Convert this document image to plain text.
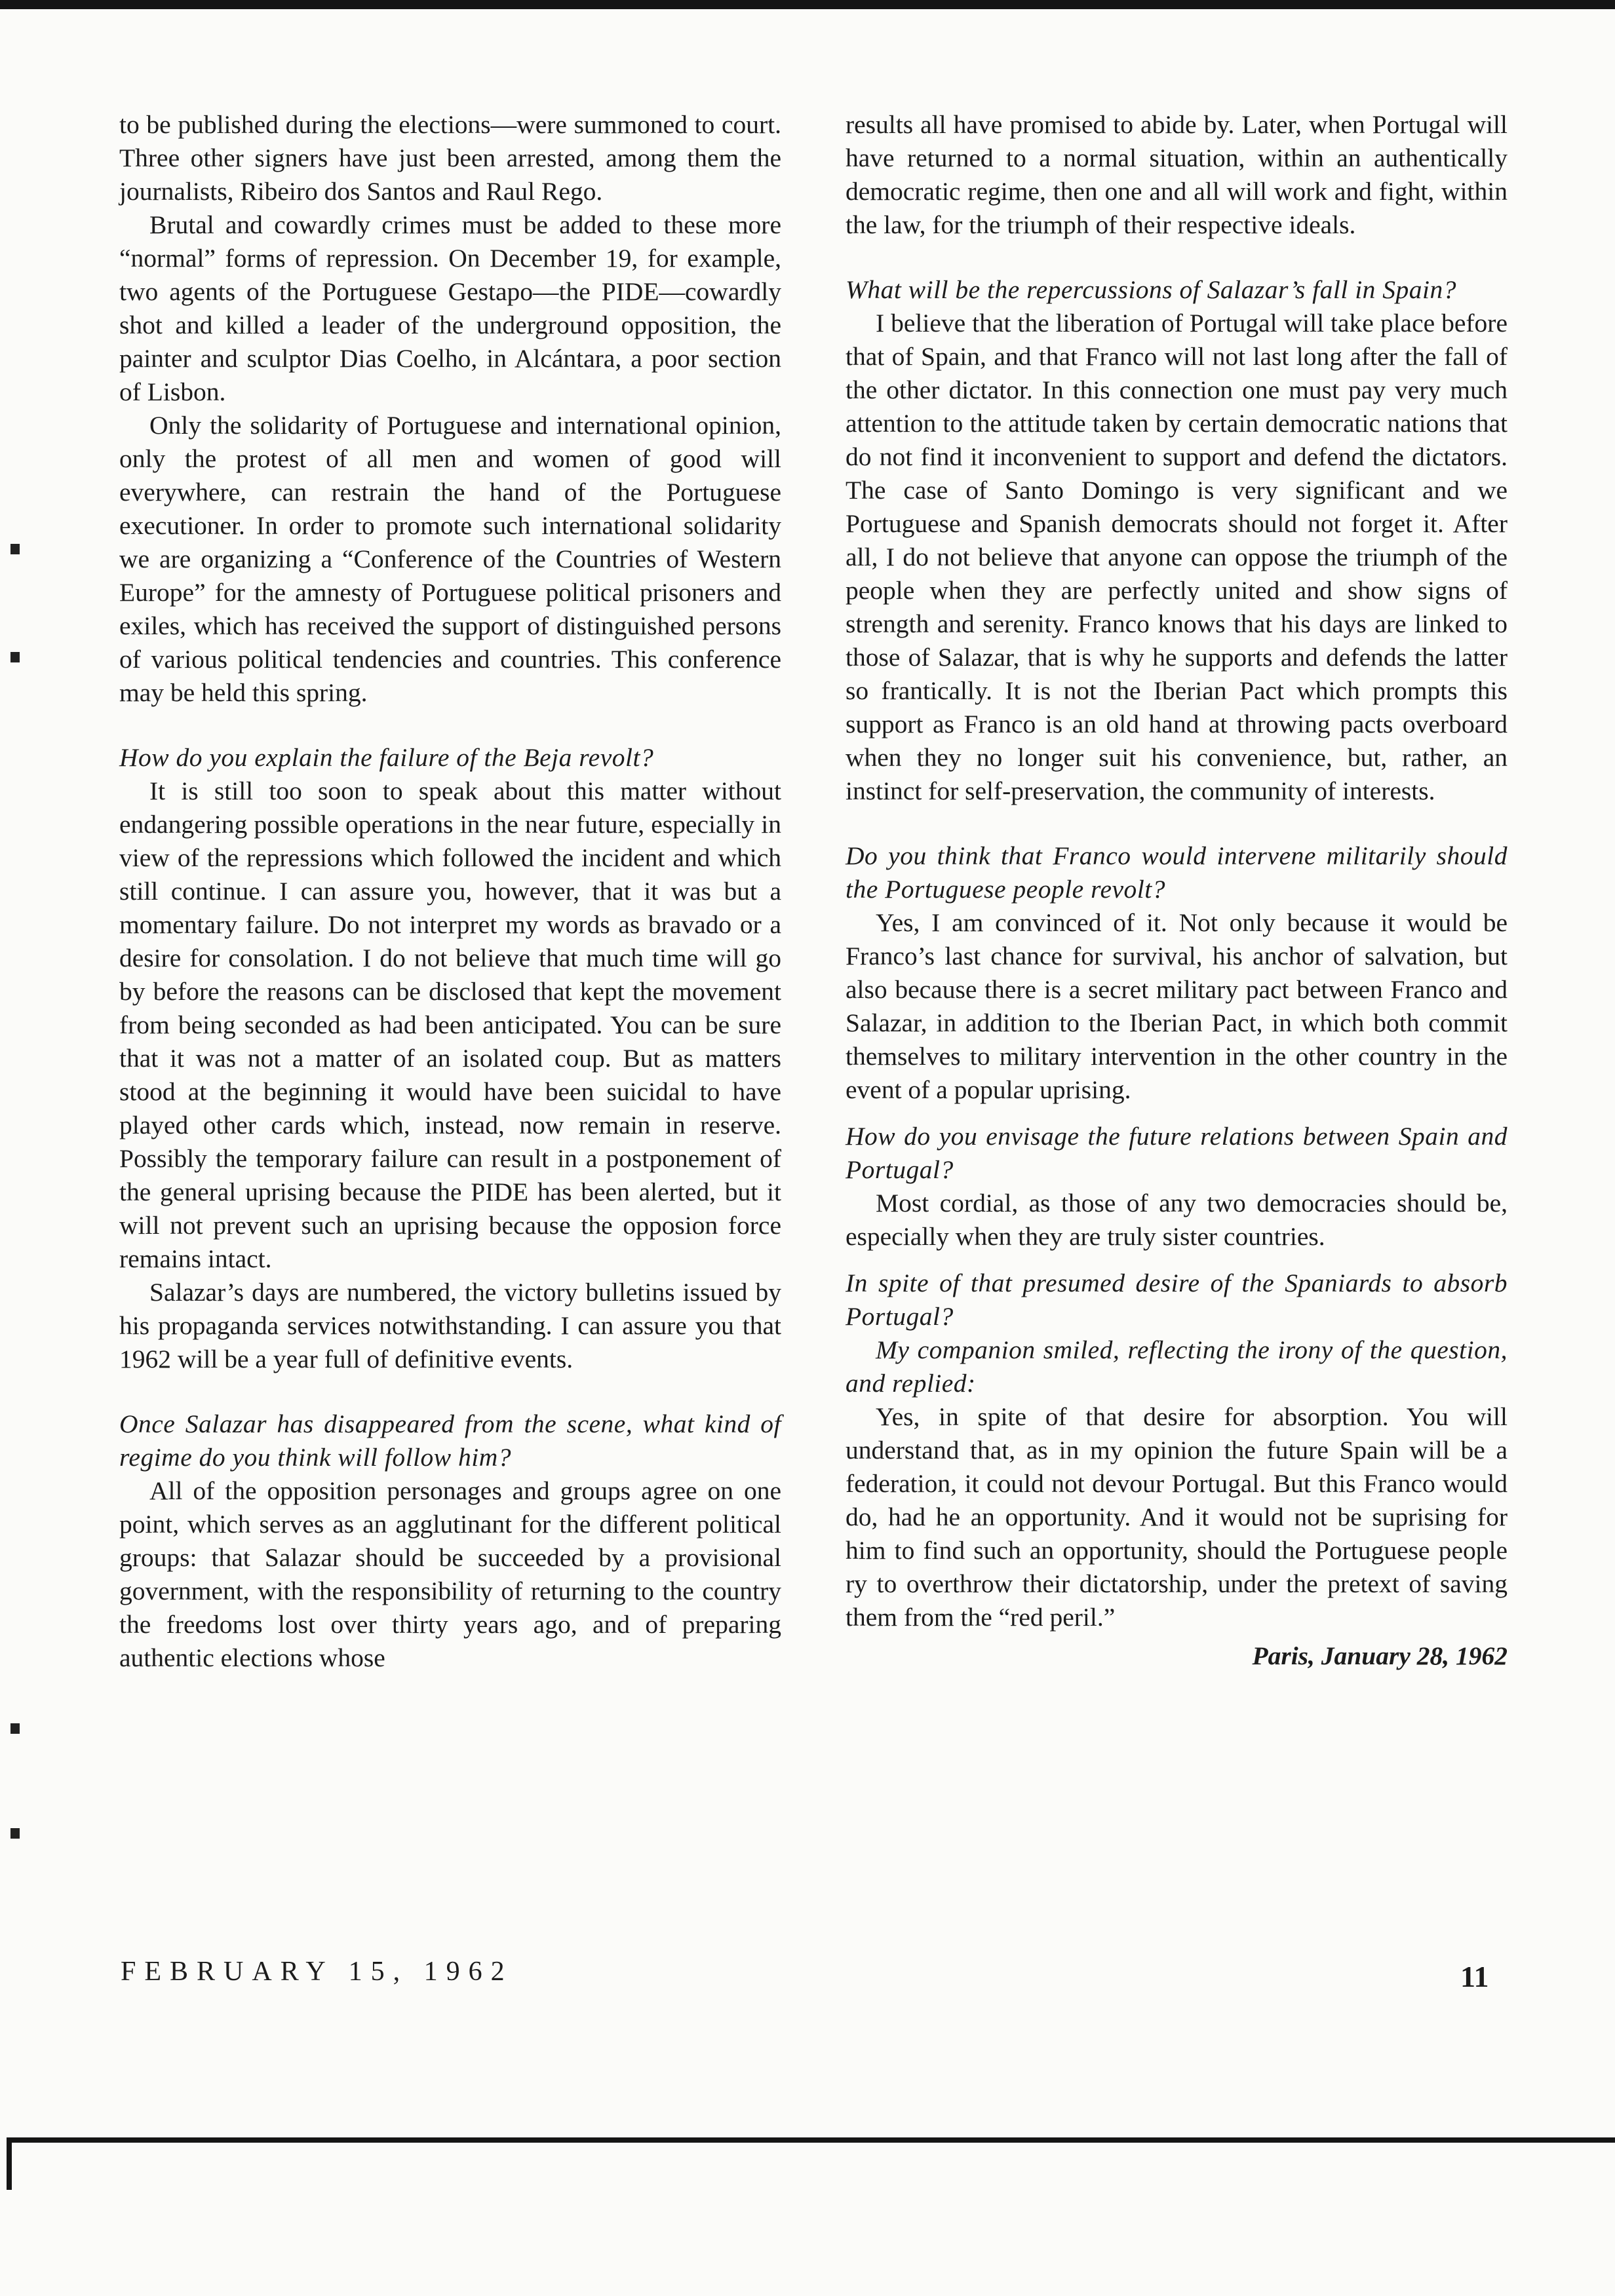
to be published during the elections—were summoned to court. Three other signers have just been arrested, among them the journalists, Ribeiro dos Santos and Raul Rego.

Brutal and cowardly crimes must be added to these more “normal” forms of repression. On December 19, for example, two agents of the Portuguese Gestapo—the PIDE—cowardly shot and killed a leader of the underground opposition, the painter and sculptor Dias Coelho, in Alcántara, a poor section of Lisbon.

Only the solidarity of Portuguese and international opinion, only the protest of all men and women of good will everywhere, can restrain the hand of the Portuguese executioner. In order to promote such international solidarity we are organizing a “Conference of the Countries of Western Europe” for the amnesty of Portuguese political prisoners and exiles, which has received the support of distinguished persons of various political tendencies and countries. This conference may be held this spring.

How do you explain the failure of the Beja revolt?

It is still too soon to speak about this matter without endangering possible operations in the near future, especially in view of the repressions which followed the incident and which still continue. I can assure you, however, that it was but a momentary failure. Do not interpret my words as bravado or a desire for consolation. I do not believe that much time will go by before the reasons can be disclosed that kept the movement from being seconded as had been anticipated. You can be sure that it was not a matter of an isolated coup. But as matters stood at the beginning it would have been suicidal to have played other cards which, instead, now remain in reserve. Possibly the temporary failure can result in a postponement of the general uprising because the PIDE has been alerted, but it will not prevent such an uprising because the opposion force remains intact.

Salazar’s days are numbered, the victory bulletins issued by his propaganda services notwithstanding. I can assure you that 1962 will be a year full of definitive events.

Once Salazar has disappeared from the scene, what kind of regime do you think will follow him?

All of the opposition personages and groups agree on one point, which serves as an agglutinant for the different political groups: that Salazar should be succeeded by a provisional government, with the responsibility of returning to the country the freedoms lost over thirty years ago, and of preparing authentic elections whose

results all have promised to abide by. Later, when Portugal will have returned to a normal situation, within an authentically democratic regime, then one and all will work and fight, within the law, for the triumph of their respective ideals.

What will be the repercussions of Salazar’s fall in Spain?

I believe that the liberation of Portugal will take place before that of Spain, and that Franco will not last long after the fall of the other dictator. In this connection one must pay very much attention to the attitude taken by certain democratic nations that do not find it inconvenient to support and defend the dictators. The case of Santo Domingo is very significant and we Portuguese and Spanish democrats should not forget it. After all, I do not believe that anyone can oppose the triumph of the people when they are perfectly united and show signs of strength and serenity. Franco knows that his days are linked to those of Salazar, that is why he supports and defends the latter so frantically. It is not the Iberian Pact which prompts this support as Franco is an old hand at throwing pacts overboard when they no longer suit his convenience, but, rather, an instinct for self-preservation, the community of interests.

Do you think that Franco would intervene militarily should the Portuguese people revolt?

Yes, I am convinced of it. Not only because it would be Franco’s last chance for survival, his anchor of salvation, but also because there is a secret military pact between Franco and Salazar, in addition to the Iberian Pact, in which both commit themselves to military intervention in the other country in the event of a popular uprising.

How do you envisage the future relations between Spain and Portugal?

Most cordial, as those of any two democracies should be, especially when they are truly sister countries.

In spite of that presumed desire of the Spaniards to absorb Portugal?

My companion smiled, reflecting the irony of the question, and replied:

Yes, in spite of that desire for absorption. You will understand that, as in my opinion the future Spain will be a federation, it could not devour Portugal. But this Franco would do, had he an opportunity. And it would not be suprising for him to find such an opportunity, should the Portuguese people ry to overthrow their dictatorship, under the pretext of saving them from the “red peril.”

Paris, January 28, 1962

FEBRUARY 15, 1962	11
